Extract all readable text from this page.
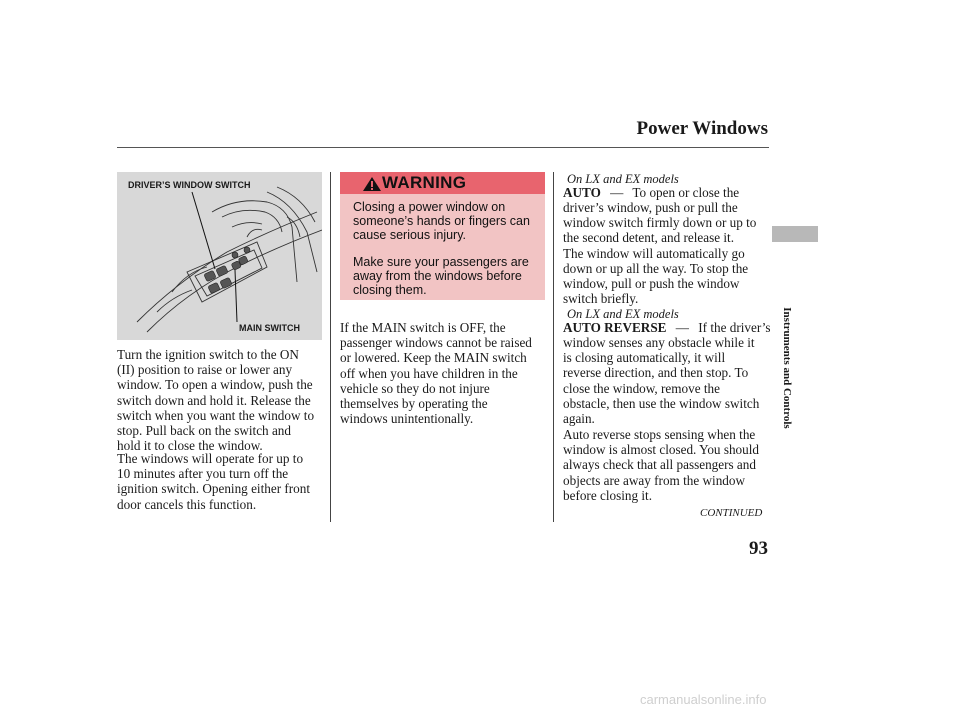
Power Windows
Instruments and Controls
DRIVER’S WINDOW SWITCH
MAIN SWITCH
Turn the ignition switch to the ON
(II) position to raise or lower any
window. To open a window, push the
switch down and hold it. Release the
switch when you want the window to
stop. Pull back on the switch and
hold it to close the window.
The windows will operate for up to
10 minutes after you turn off the
ignition switch. Opening either front
door cancels this function.
WARNING
Closing a power window on
someone’s hands or fingers can
cause serious injury.
Make sure your passengers are
away from the windows before
closing them.
If the MAIN switch is OFF, the
passenger windows cannot be raised
or lowered. Keep the MAIN switch
off when you have children in the
vehicle so they do not injure
themselves by operating the
windows unintentionally.
On LX and EX models
AUTO — To open or close the
driver’s window, push or pull the
window switch firmly down or up to
the second detent, and release it.
The window will automatically go
down or up all the way. To stop the
window, pull or push the window
switch briefly.
On LX and EX models
AUTO REVERSE — If the driver’s
window senses any obstacle while it
is closing automatically, it will
reverse direction, and then stop. To
close the window, remove the
obstacle, then use the window switch
again.
Auto reverse stops sensing when the
window is almost closed. You should
always check that all passengers and
objects are away from the window
before closing it.
CONTINUED
93
carmanualsonline.info
